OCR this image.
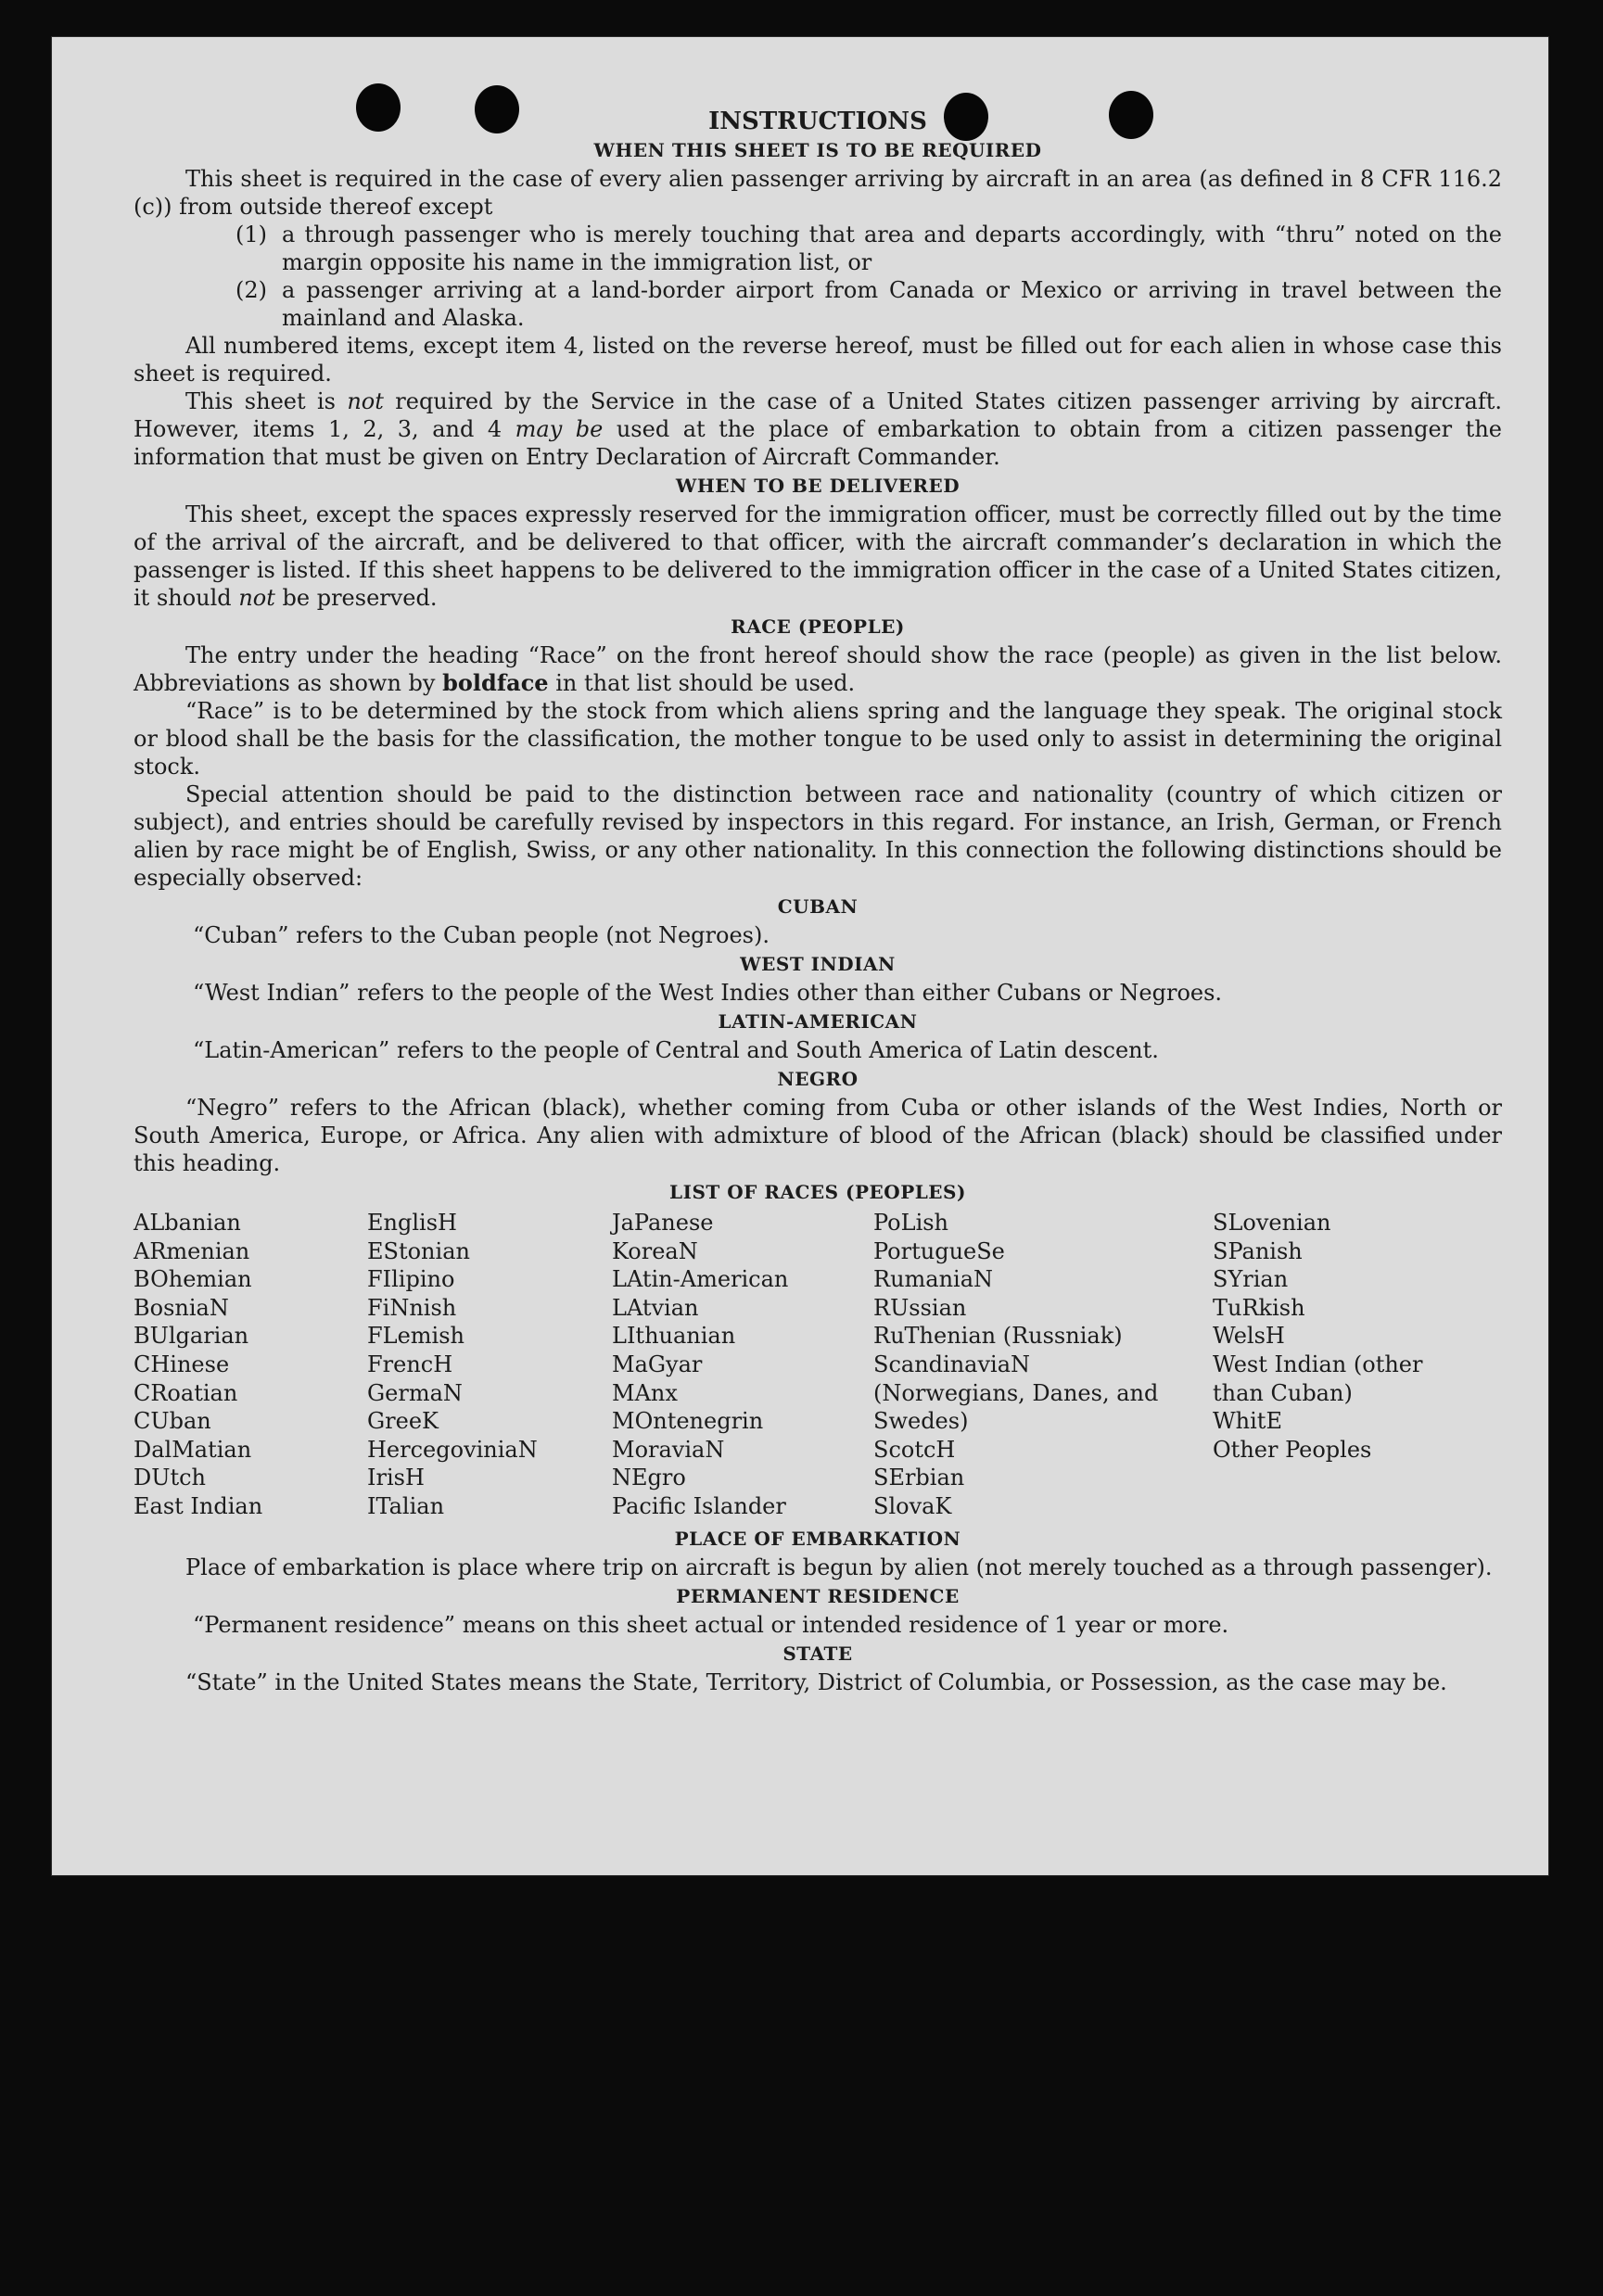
INSTRUCTIONS
WHEN THIS SHEET IS TO BE REQUIRED

This sheet is required in the case of every alien passenger arriving by aircraft in an area (as defined in 8 CFR 116.2 (c)) from outside thereof except

(1) a through passenger who is merely touching that area and departs accordingly, with “thru” noted on the margin opposite his name in the immigration list, or
(2) a passenger arriving at a land-border airport from Canada or Mexico or arriving in travel between the mainland and Alaska.

All numbered items, except item 4, listed on the reverse hereof, must be filled out for each alien in whose case this sheet is required.

This sheet is not required by the Service in the case of a United States citizen passenger arriving by aircraft. However, items 1, 2, 3, and 4 may be used at the place of embarkation to obtain from a citizen passenger the information that must be given on Entry Declaration of Aircraft Commander.

WHEN TO BE DELIVERED

This sheet, except the spaces expressly reserved for the immigration officer, must be correctly filled out by the time of the arrival of the aircraft, and be delivered to that officer, with the aircraft commander’s declaration in which the passenger is listed. If this sheet happens to be delivered to the immigration officer in the case of a United States citizen, it should not be preserved.

RACE (PEOPLE)

The entry under the heading “Race” on the front hereof should show the race (people) as given in the list below. Abbreviations as shown by boldface in that list should be used.

“Race” is to be determined by the stock from which aliens spring and the language they speak. The original stock or blood shall be the basis for the classification, the mother tongue to be used only to assist in determining the original stock.

Special attention should be paid to the distinction between race and nationality (country of which citizen or subject), and entries should be carefully revised by inspectors in this regard. For instance, an Irish, German, or French alien by race might be of English, Swiss, or any other nationality. In this connection the following distinctions should be especially observed:

CUBAN
“Cuban” refers to the Cuban people (not Negroes).
WEST INDIAN
“West Indian” refers to the people of the West Indies other than either Cubans or Negroes.
LATIN-AMERICAN
“Latin-American” refers to the people of Central and South America of Latin descent.
NEGRO

“Negro” refers to the African (black), whether coming from Cuba or other islands of the West Indies, North or South America, Europe, or Africa. Any alien with admixture of blood of the African (black) should be classified under this heading.

LIST OF RACES (PEOPLES)
ALbanian
ARmenian
BOhemian
BosniaN
BUlgarian
CHinese
CRoatian
CUban
DalMatian
DUtch
East Indian
EnglisH
EStonian
FIlipino
FiNnish
FLemish
FrencH
GermaN
GreeK
HercegoviniaN
IrisH
ITalian
JaPanese
KoreaN
LAtin-American
LAtvian
LIthuanian
MaGyar
MAnx
MOntenegrin
MoraviaN
NEgro
Pacific Islander
PoLish
PortugueSe
RumaniaN
RUssian
RuThenian (Russniak)
ScandinaviaN (Norwegians, Danes, and Swedes)
ScotcH
SErbian
SlovaK
SLovenian
SPanish
SYrian
TuRkish
WelsH
West Indian (other than Cuban)
WhitE
Other Peoples
PLACE OF EMBARKATION

Place of embarkation is place where trip on aircraft is begun by alien (not merely touched as a through passenger).

PERMANENT RESIDENCE
“Permanent residence” means on this sheet actual or intended residence of 1 year or more.
STATE

“State” in the United States means the State, Territory, District of Columbia, or Possession, as the case may be.
